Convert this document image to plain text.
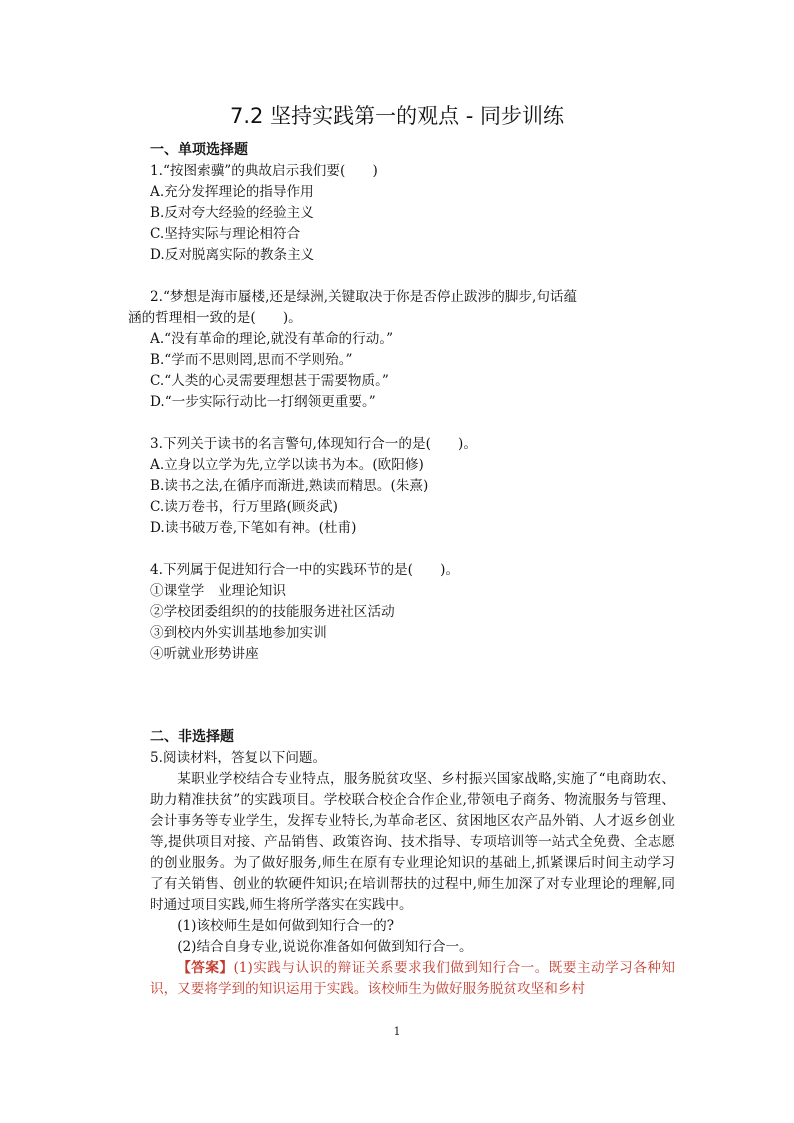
7.2 坚持实践第一的观点 - 同步训练
一、单项选择题
1.“按图索骥”的典故启示我们要(　　)
A.充分发挥理论的指导作用
B.反对夸大经验的经验主义
C.坚持实际与理论相符合
D.反对脱离实际的教条主义

2.“梦想是海市蜃楼,还是绿洲,关键取决于你是否停止跋涉的脚步,句话蕴
涵的哲理相一致的是(　　)。
A.“没有革命的理论,就没有革命的行动。”
B.“学而不思则罔,思而不学则殆。”
C.“人类的心灵需要理想甚于需要物质。”
D.“一步实际行动比一打纲领更重要。”

3.下列关于读书的名言警句,体现知行合一的是(　　)。
A.立身以立学为先,立学以读书为本。(欧阳修)
B.读书之法,在循序而渐进,熟读而精思。(朱熹)
C.读万卷书，行万里路(顾炎武)
D.读书破万卷,下笔如有神。(杜甫)

4.下列属于促进知行合一中的实践环节的是(　　)。
①课堂学　业理论知识
②学校团委组织的的技能服务进社区活动
③到校内外实训基地参加实训
④听就业形势讲座

二、非选择题
5.阅读材料，答复以下问题。
某职业学校结合专业特点，服务脱贫攻坚、乡村振兴国家战略,实施了“电商助农、助力精准扶贫”的实践项目。学校联合校企合作企业,带领电子商务、物流服务与管理、会计事务等专业学生，发挥专业特长,为革命老区、贫困地区农产品外销、人才返乡创业等,提供项目对接、产品销售、政策咨询、技术指导、专项培训等一站式全免费、全志愿的创业服务。为了做好服务,师生在原有专业理论知识的基础上,抓紧课后时间主动学习了有关销售、创业的软硬件知识;在培训帮扶的过程中,师生加深了对专业理论的理解,同时通过项目实践,师生将所学落实在实践中。
(1)该校师生是如何做到知行合一的?
(2)结合自身专业,说说你准备如何做到知行合一。
【答案】(1)实践与认识的辩证关系要求我们做到知行合一。既要主动学习各种知识，又要将学到的知识运用于实践。该校师生为做好服务脱贫攻坚和乡村
1
